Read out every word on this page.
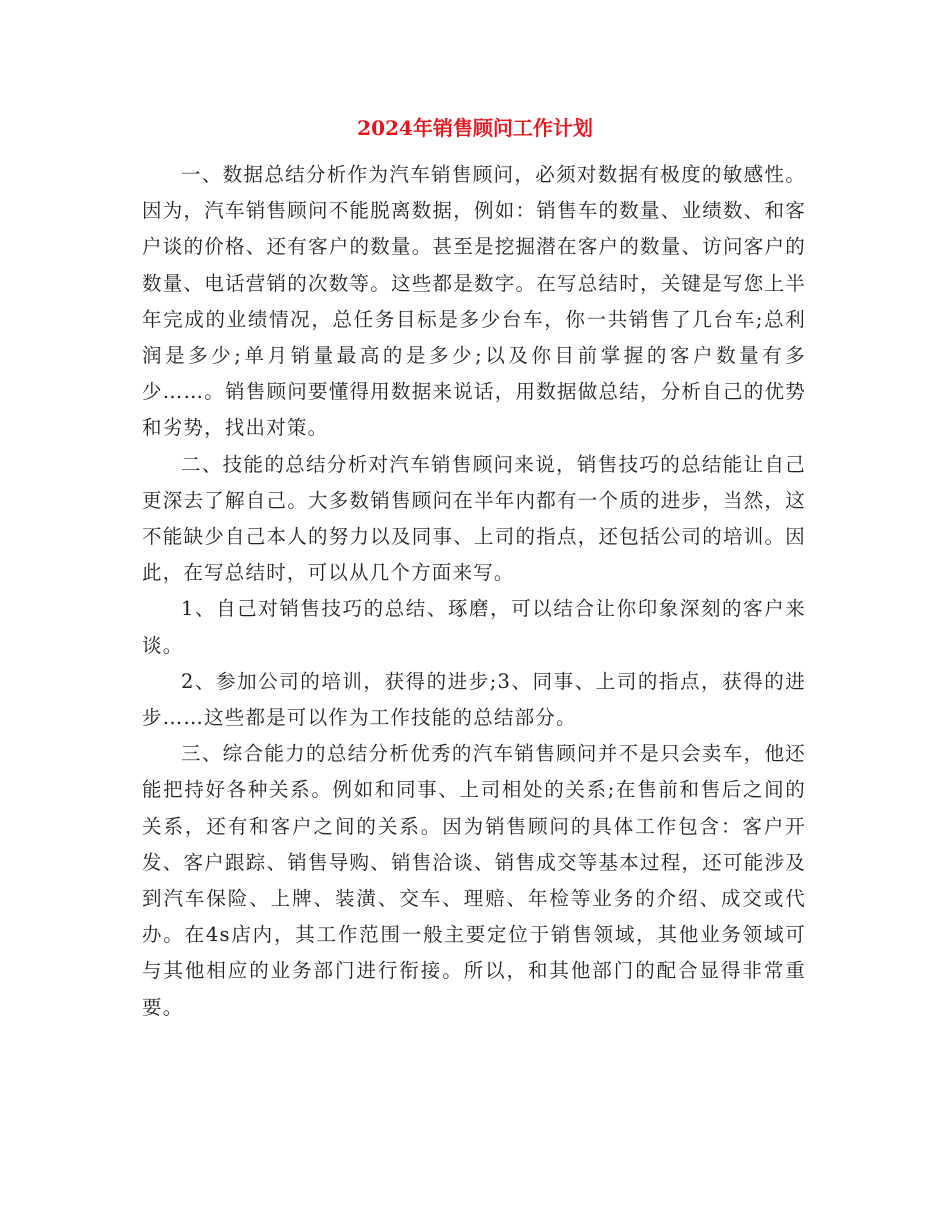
2024年销售顾问工作计划

一、数据总结分析作为汽车销售顾问，必须对数据有极度的敏感性。因为，汽车销售顾问不能脱离数据，例如：销售车的数量、业绩数、和客户谈的价格、还有客户的数量。甚至是挖掘潜在客户的数量、访问客户的数量、电话营销的次数等。这些都是数字。在写总结时，关键是写您上半年完成的业绩情况，总任务目标是多少台车，你一共销售了几台车;总利润是多少;单月销量最高的是多少;以及你目前掌握的客户数量有多少……。销售顾问要懂得用数据来说话，用数据做总结，分析自己的优势和劣势，找出对策。

二、技能的总结分析对汽车销售顾问来说，销售技巧的总结能让自己更深去了解自己。大多数销售顾问在半年内都有一个质的进步，当然，这不能缺少自己本人的努力以及同事、上司的指点，还包括公司的培训。因此，在写总结时，可以从几个方面来写。

1、自己对销售技巧的总结、琢磨，可以结合让你印象深刻的客户来谈。

2、参加公司的培训，获得的进步;3、同事、上司的指点，获得的进步……这些都是可以作为工作技能的总结部分。

三、综合能力的总结分析优秀的汽车销售顾问并不是只会卖车，他还能把持好各种关系。例如和同事、上司相处的关系;在售前和售后之间的关系，还有和客户之间的关系。因为销售顾问的具体工作包含：客户开发、客户跟踪、销售导购、销售洽谈、销售成交等基本过程，还可能涉及到汽车保险、上牌、装潢、交车、理赔、年检等业务的介绍、成交或代办。在4s店内，其工作范围一般主要定位于销售领域，其他业务领域可与其他相应的业务部门进行衔接。所以，和其他部门的配合显得非常重要。
